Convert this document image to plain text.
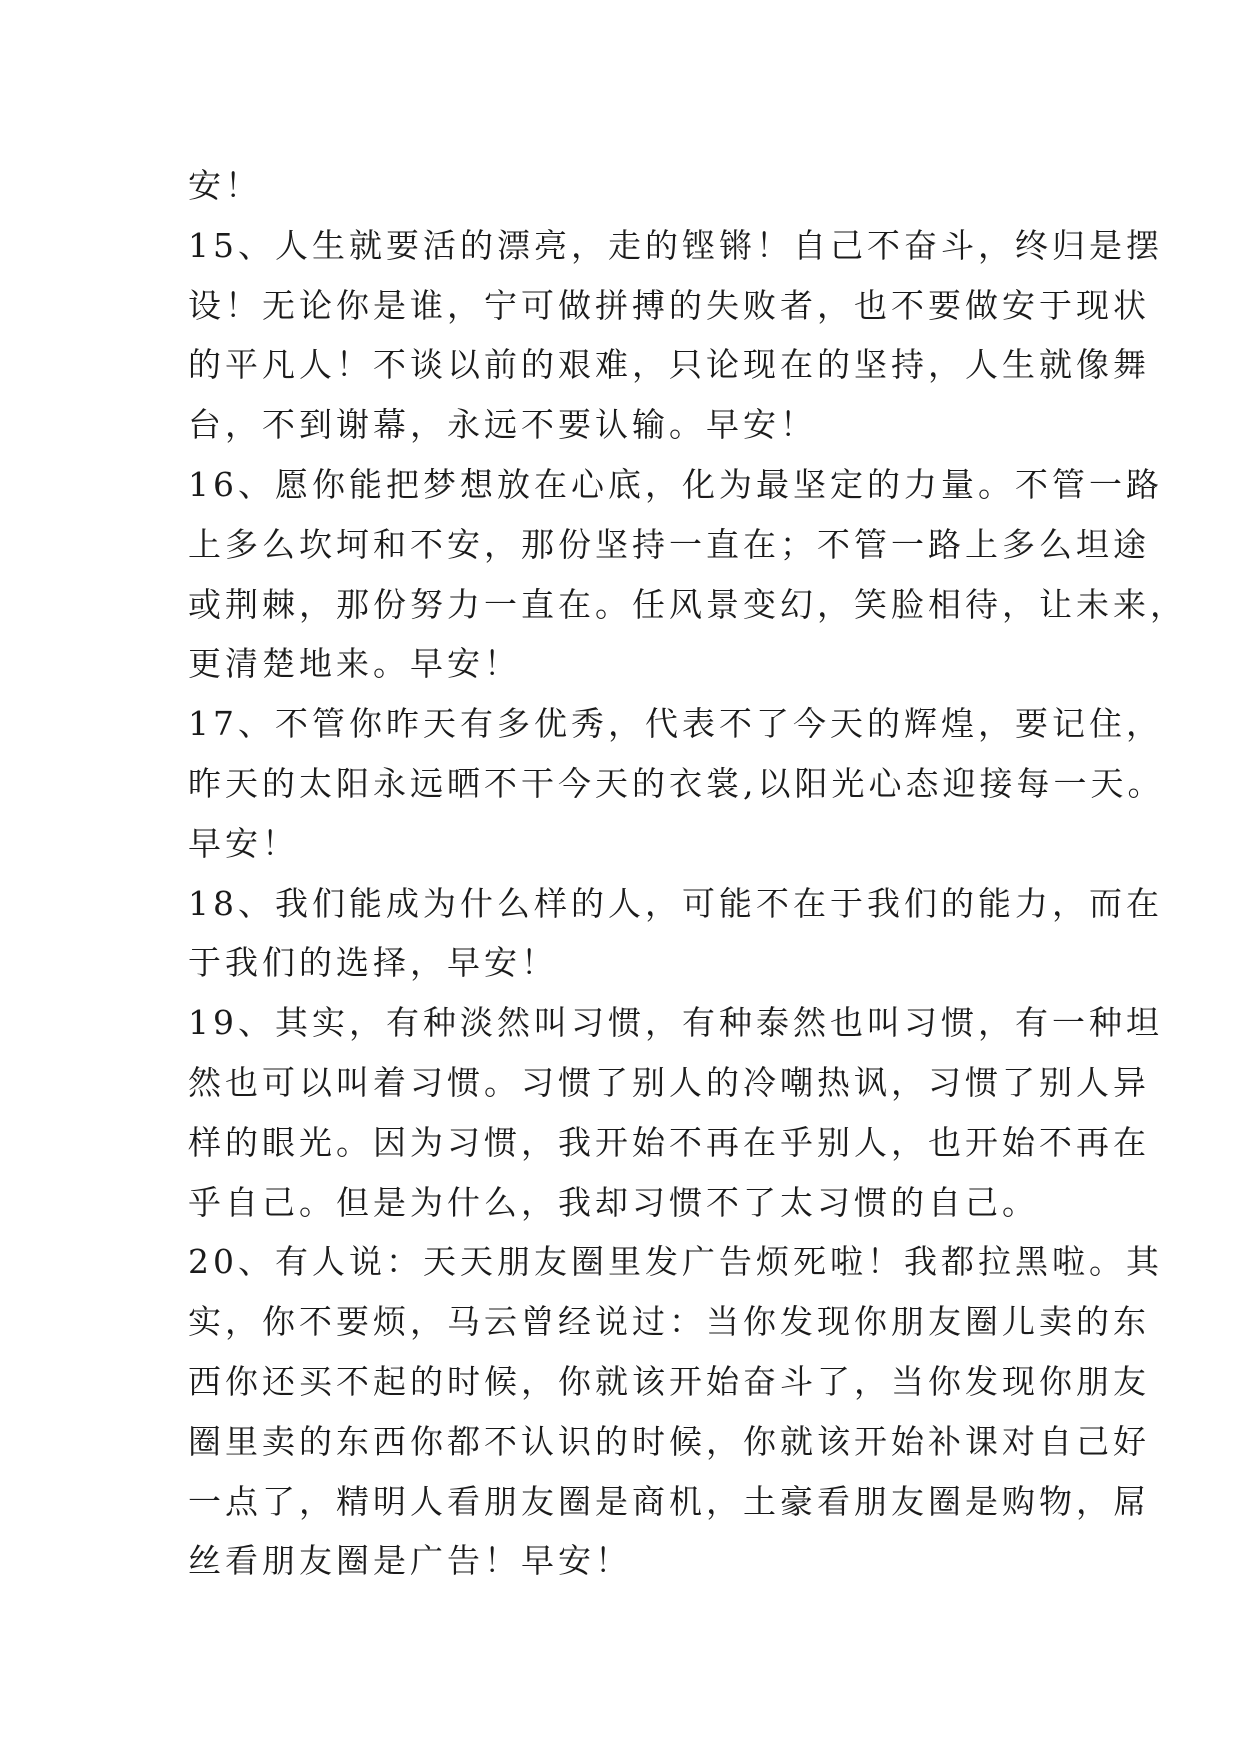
安！
15、人生就要活的漂亮，走的铿锵！自己不奋斗，终归是摆
设！无论你是谁，宁可做拼搏的失败者，也不要做安于现状
的平凡人！不谈以前的艰难，只论现在的坚持，人生就像舞
台，不到谢幕，永远不要认输。早安！
16、愿你能把梦想放在心底，化为最坚定的力量。不管一路
上多么坎坷和不安，那份坚持一直在；不管一路上多么坦途
或荆棘，那份努力一直在。任风景变幻，笑脸相待，让未来，
更清楚地来。早安！
17、不管你昨天有多优秀，代表不了今天的辉煌，要记住，
昨天的太阳永远晒不干今天的衣裳,以阳光心态迎接每一天。
早安！
18、我们能成为什么样的人，可能不在于我们的能力，而在
于我们的选择，早安！
19、其实，有种淡然叫习惯，有种泰然也叫习惯，有一种坦
然也可以叫着习惯。习惯了别人的冷嘲热讽，习惯了别人异
样的眼光。因为习惯，我开始不再在乎别人，也开始不再在
乎自己。但是为什么，我却习惯不了太习惯的自己。
20、有人说：天天朋友圈里发广告烦死啦！我都拉黑啦。其
实，你不要烦，马云曾经说过：当你发现你朋友圈儿卖的东
西你还买不起的时候，你就该开始奋斗了，当你发现你朋友
圈里卖的东西你都不认识的时候，你就该开始补课对自己好
一点了，精明人看朋友圈是商机，土豪看朋友圈是购物，屌
丝看朋友圈是广告！早安！
